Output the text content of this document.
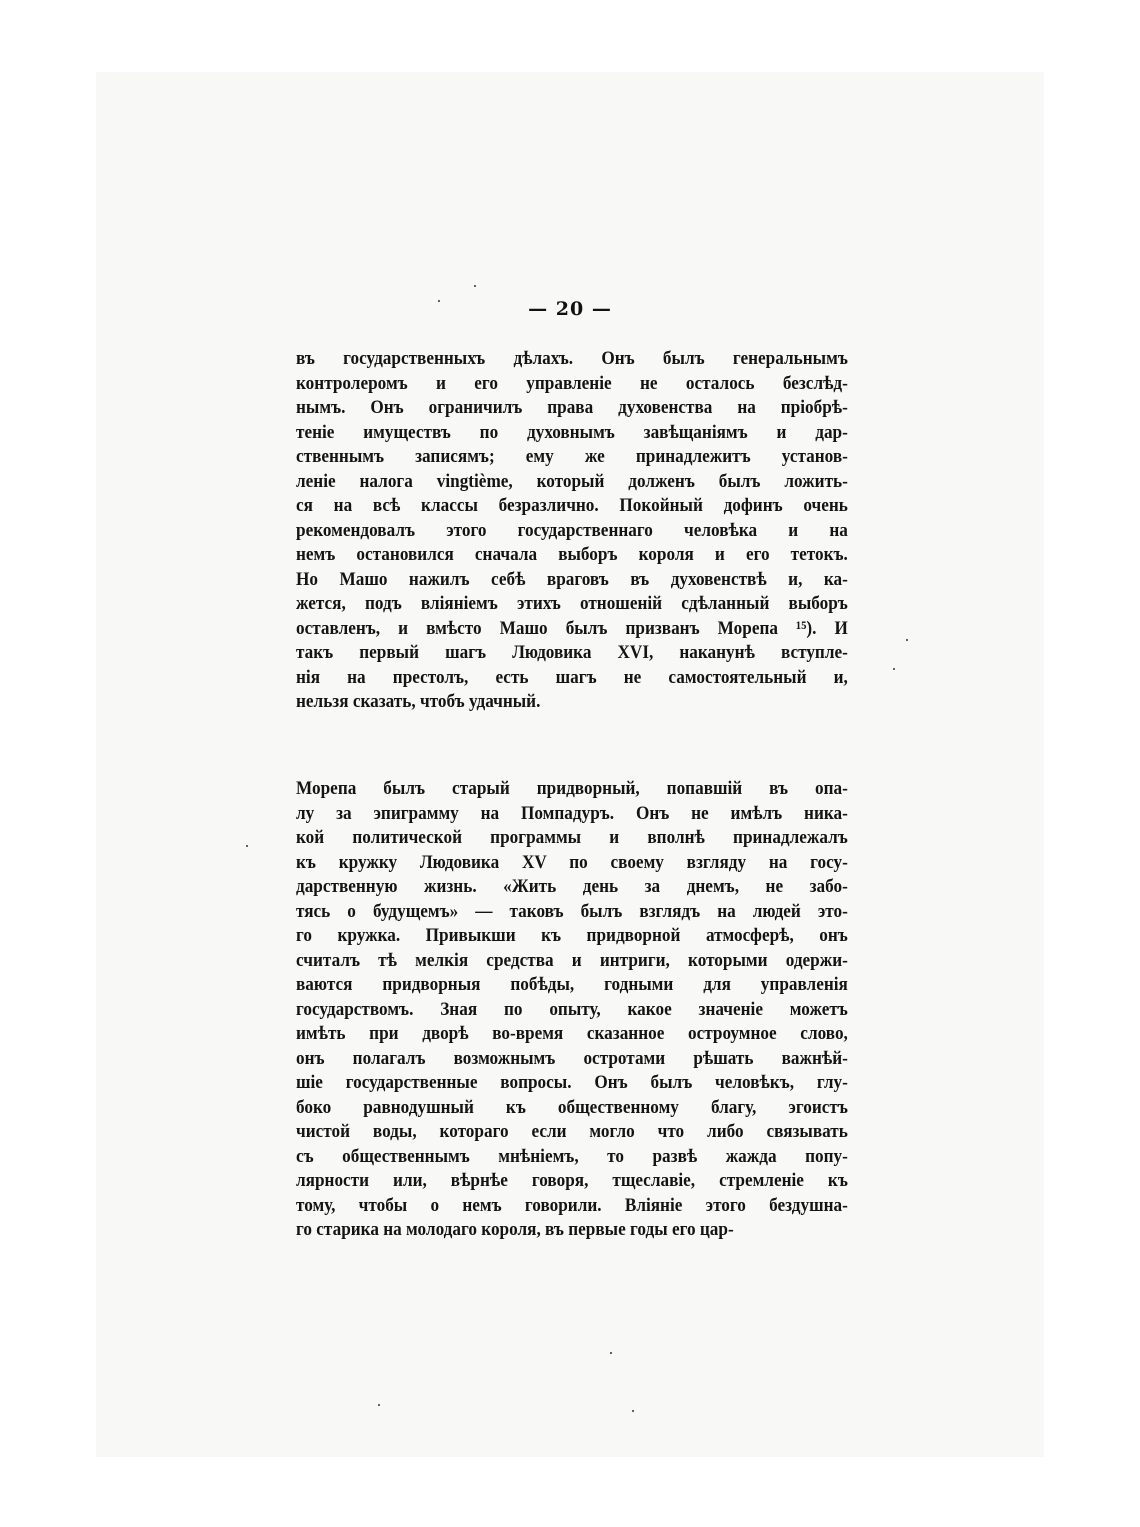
— 20 —
въ государственныхъ дѣлахъ. Онъ былъ генеральнымъ
контролеромъ и его управленіе не осталось безслѣд-
нымъ. Онъ ограничилъ права духовенства на пріобрѣ-
теніе имуществъ по духовнымъ завѣщаніямъ и дар-
ственнымъ записямъ; ему же принадлежитъ установ-
леніе налога vingtième, который долженъ былъ ложить-
ся на всѣ классы безразлично. Покойный дофинъ очень
рекомендовалъ этого государственнаго человѣка и на
немъ остановился сначала выборъ короля и его тетокъ.
Но Машо нажилъ себѣ враговъ въ духовенствѣ и, ка-
жется, подъ вліяніемъ этихъ отношеній сдѣланный выборъ
оставленъ, и вмѣсто Машо былъ призванъ Морепа ¹⁵). И
такъ первый шагъ Людовика XVI, наканунѣ вступле-
нія на престолъ, есть шагъ не самостоятельный и,
нельзя сказать, чтобъ удачный.
Морепа былъ старый придворный, попавшій въ опа-
лу за эпиграмму на Помпадуръ. Онъ не имѣлъ ника-
кой политической программы и вполнѣ принадлежалъ
къ кружку Людовика XV по своему взгляду на госу-
дарственную жизнь. «Жить день за днемъ, не забо-
тясь о будущемъ» — таковъ былъ взглядъ на людей это-
го кружка. Привыкши къ придворной атмосферѣ, онъ
считалъ тѣ мелкія средства и интриги, которыми одержи-
ваются придворныя побѣды, годными для управленія
государствомъ. Зная по опыту, какое значеніе можетъ
имѣть при дворѣ во-время сказанное остроумное слово,
онъ полагалъ возможнымъ остротами рѣшать важнѣй-
шіе государственные вопросы. Онъ былъ человѣкъ, глу-
боко равнодушный къ общественному благу, эгоистъ
чистой воды, котораго если могло что либо связывать
съ общественнымъ мнѣніемъ, то развѣ жажда попу-
лярности или, вѣрнѣе говоря, тщеславіе, стремленіе къ
тому, чтобы о немъ говорили. Вліяніе этого бездушна-
го старика на молодаго короля, въ первые годы его цар-
